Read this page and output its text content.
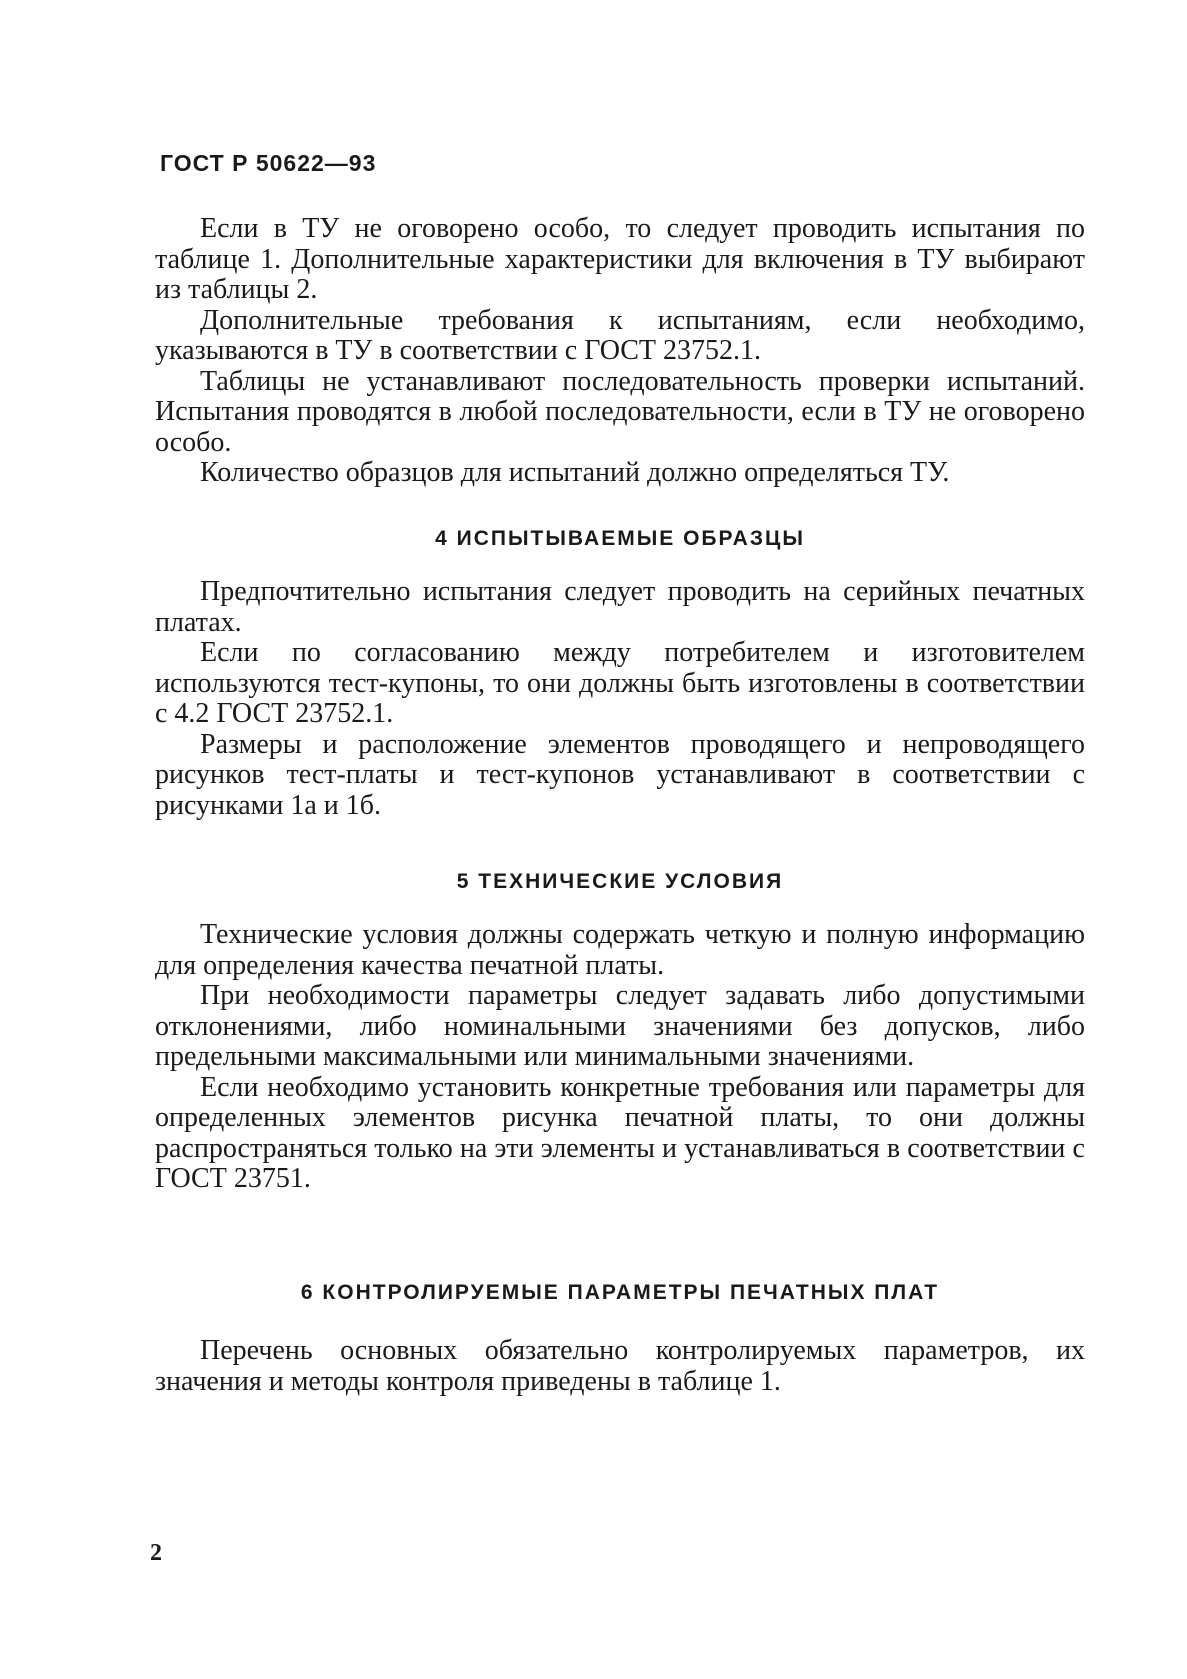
ГОСТ Р 50622—93

Если в ТУ не оговорено особо, то следует проводить испытания по таблице 1. Дополнительные характеристики для включения в ТУ выбирают из таблицы 2.

Дополнительные требования к испытаниям, если необходимо, указываются в ТУ в соответствии с ГОСТ 23752.1.

Таблицы не устанавливают последовательность проверки испытаний. Испытания проводятся в любой последовательности, если в ТУ не оговорено особо.

Количество образцов для испытаний должно определяться ТУ.

4 ИСПЫТЫВАЕМЫЕ ОБРАЗЦЫ

Предпочтительно испытания следует проводить на серийных печатных платах.

Если по согласованию между потребителем и изготовителем используются тест-купоны, то они должны быть изготовлены в соответствии с 4.2 ГОСТ 23752.1.

Размеры и расположение элементов проводящего и непроводящего рисунков тест-платы и тест-купонов устанавливают в соответствии с рисунками 1а и 1б.

5 ТЕХНИЧЕСКИЕ УСЛОВИЯ

Технические условия должны содержать четкую и полную информацию для определения качества печатной платы.

При необходимости параметры следует задавать либо допустимыми отклонениями, либо номинальными значениями без допусков, либо предельными максимальными или минимальными значениями.

Если необходимо установить конкретные требования или параметры для определенных элементов рисунка печатной платы, то они должны распространяться только на эти элементы и устанавливаться в соответствии с ГОСТ 23751.

6 КОНТРОЛИРУЕМЫЕ ПАРАМЕТРЫ ПЕЧАТНЫХ ПЛАТ

Перечень основных обязательно контролируемых параметров, их значения и методы контроля приведены в таблице 1.

2
